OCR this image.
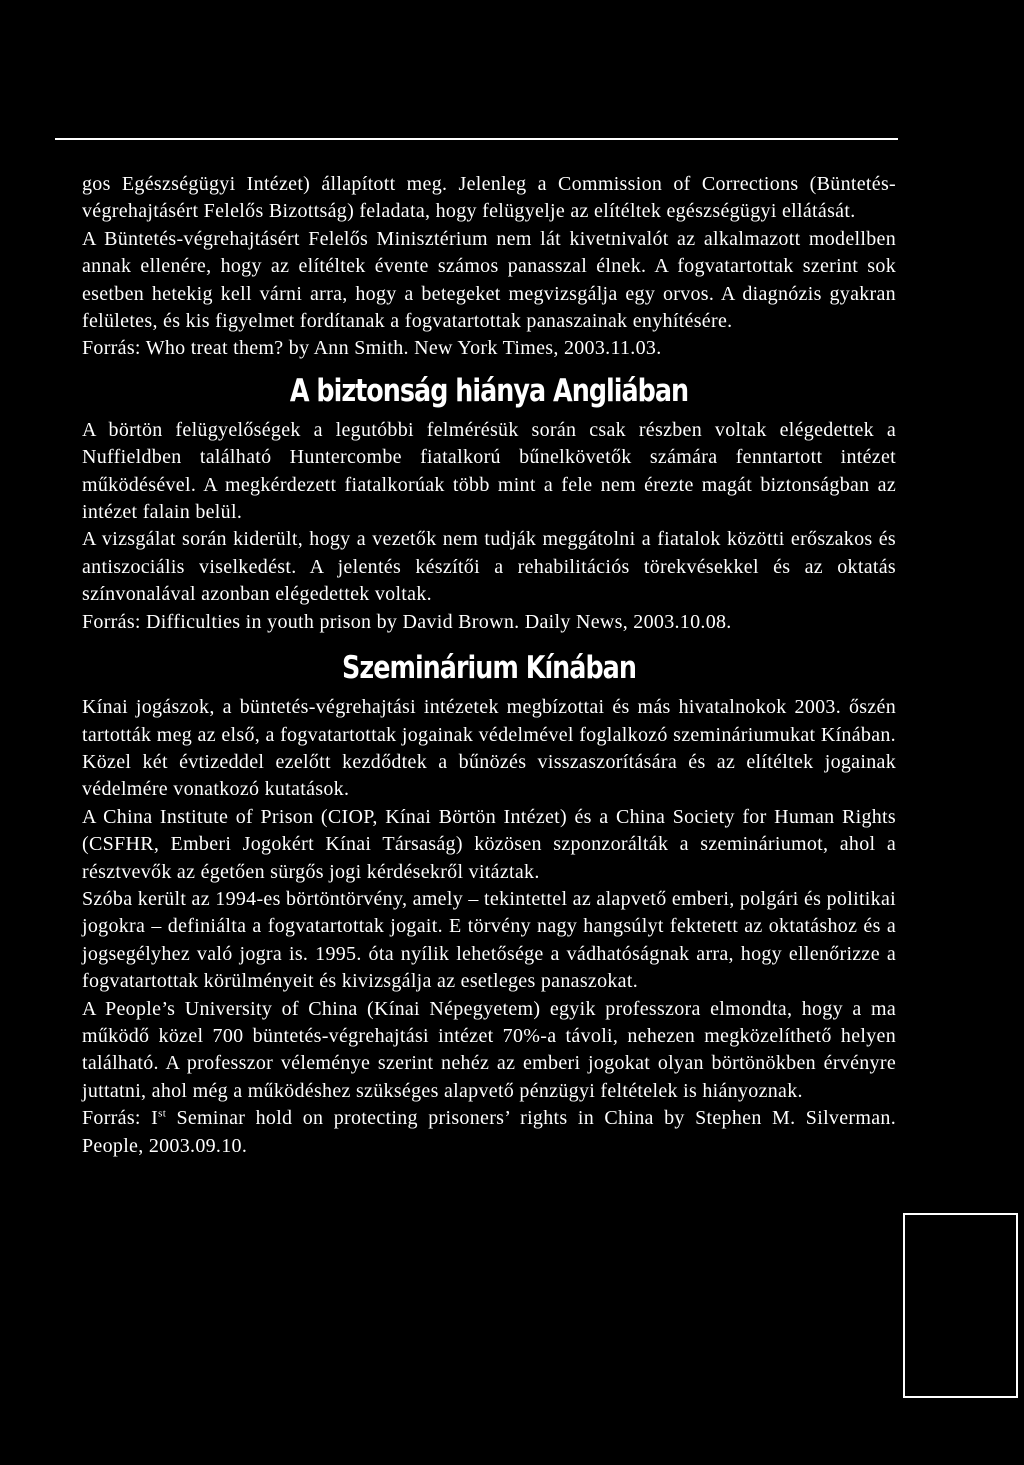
gos Egészségügyi Intézet) állapított meg. Jelenleg a Commission of Corrections (Büntetés-végrehajtásért Felelős Bizottság) feladata, hogy felügyelje az elítéltek egészségügyi ellátását.

A Büntetés-végrehajtásért Felelős Minisztérium nem lát kivetnivalót az alkalmazott modellben annak ellenére, hogy az elítéltek évente számos panasszal élnek. A fogvatartottak szerint sok esetben hetekig kell várni arra, hogy a betegeket megvizsgálja egy orvos. A diagnózis gyakran felületes, és kis figyelmet fordítanak a fogvatartottak panaszainak enyhítésére.

Forrás: Who treat them? by Ann Smith. New York Times, 2003.11.03.

A biztonság hiánya Angliában

A börtön felügyelőségek a legutóbbi felmérésük során csak részben voltak elégedettek a Nuffieldben található Huntercombe fiatalkorú bűnelkövetők számára fenntartott intézet működésével. A megkérdezett fiatalkorúak több mint a fele nem érezte magát biztonságban az intézet falain belül.

A vizsgálat során kiderült, hogy a vezetők nem tudják meggátolni a fiatalok közötti erőszakos és antiszociális viselkedést. A jelentés készítői a rehabilitációs törekvésekkel és az oktatás színvonalával azonban elégedettek voltak.

Forrás: Difficulties in youth prison by David Brown. Daily News, 2003.10.08.

Szeminárium Kínában

Kínai jogászok, a büntetés-végrehajtási intézetek megbízottai és más hivatalnokok 2003. őszén tartották meg az első, a fogvatartottak jogainak védelmével foglalkozó szemináriumukat Kínában. Közel két évtizeddel ezelőtt kezdődtek a bűnözés visszaszorítására és az elítéltek jogainak védelmére vonatkozó kutatások.

A China Institute of Prison (CIOP, Kínai Börtön Intézet) és a China Society for Human Rights (CSFHR, Emberi Jogokért Kínai Társaság) közösen szponzorálták a szemináriumot, ahol a résztvevők az égetően sürgős jogi kérdésekről vitáztak.

Szóba került az 1994-es börtöntörvény, amely – tekintettel az alapvető emberi, polgári és politikai jogokra – definiálta a fogvatartottak jogait. E törvény nagy hangsúlyt fektetett az oktatáshoz és a jogsegélyhez való jogra is. 1995. óta nyílik lehetősége a vádhatóságnak arra, hogy ellenőrizze a fogvatartottak körülményeit és kivizsgálja az esetleges panaszokat.

A People’s University of China (Kínai Népegyetem) egyik professzora elmondta, hogy a ma működő közel 700 büntetés-végrehajtási intézet 70%-a távoli, nehezen megközelíthető helyen található. A professzor véleménye szerint nehéz az emberi jogokat olyan börtönökben érvényre juttatni, ahol még a működéshez szükséges alapvető pénzügyi feltételek is hiányoznak.

Forrás: Ist Seminar hold on protecting prisoners’ rights in China by Stephen M. Silverman. People, 2003.09.10.
